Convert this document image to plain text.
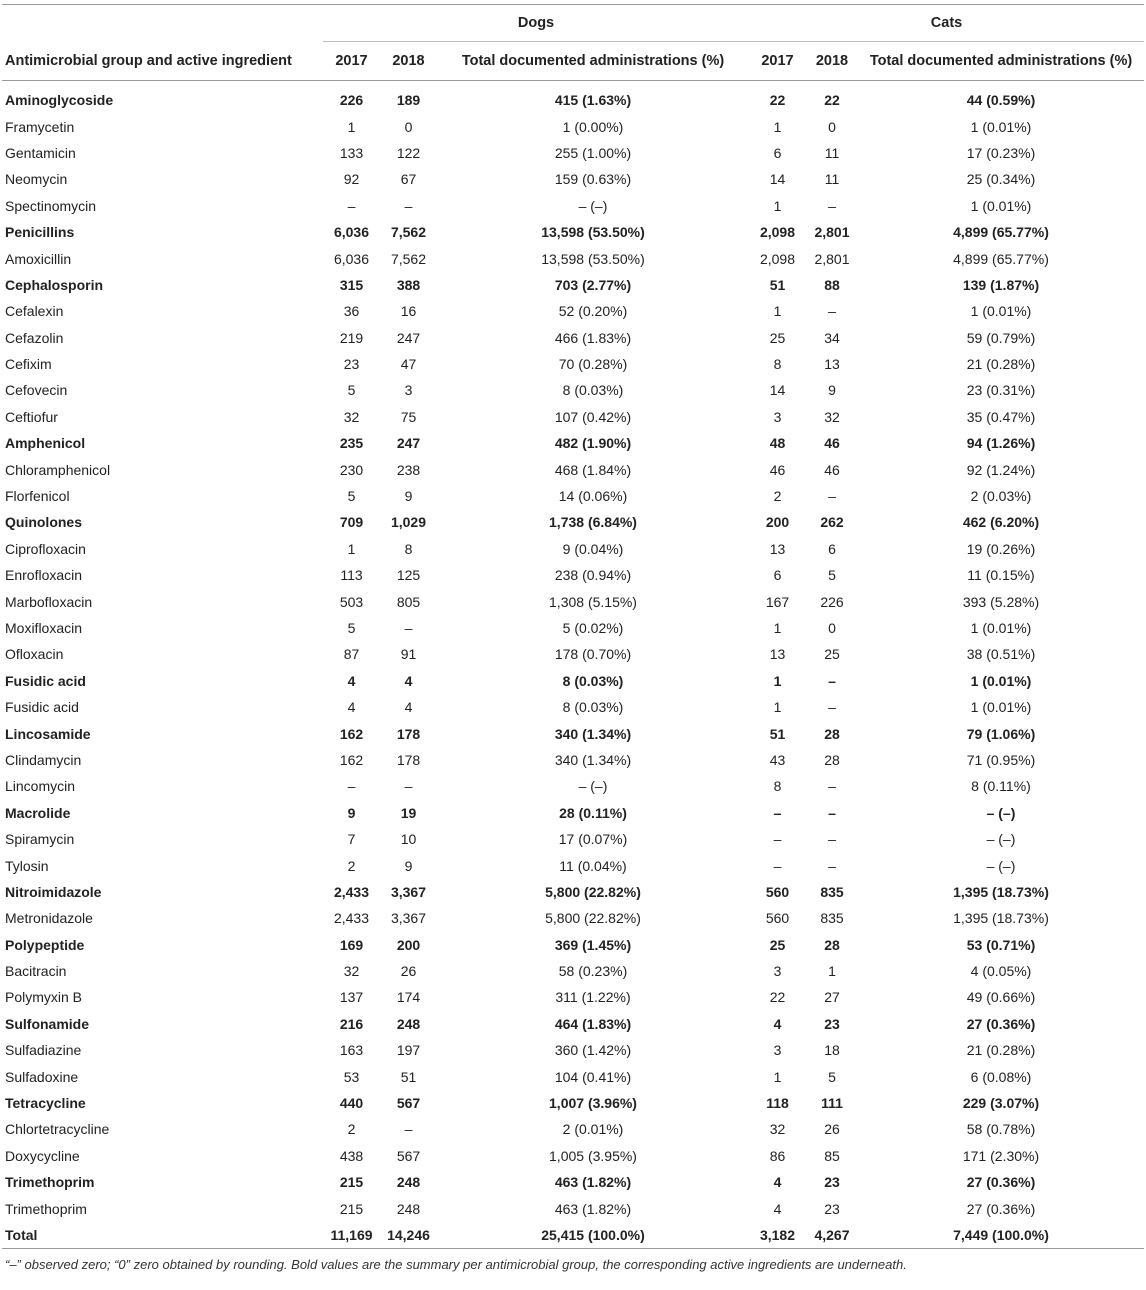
	Dogs			Cats		
Antimicrobial group and active ingredient	2017	2018	Total documented administrations (%)	2017	2018	Total documented administrations (%)
Aminoglycoside	226	189	415 (1.63%)	22	22	44 (0.59%)
Framycetin	1	0	1 (0.00%)	1	0	1 (0.01%)
Gentamicin	133	122	255 (1.00%)	6	11	17 (0.23%)
Neomycin	92	67	159 (0.63%)	14	11	25 (0.34%)
Spectinomycin	–	–	– (–)	1	–	1 (0.01%)
Penicillins	6,036	7,562	13,598 (53.50%)	2,098	2,801	4,899 (65.77%)
Amoxicillin	6,036	7,562	13,598 (53.50%)	2,098	2,801	4,899 (65.77%)
Cephalosporin	315	388	703 (2.77%)	51	88	139 (1.87%)
Cefalexin	36	16	52 (0.20%)	1	–	1 (0.01%)
Cefazolin	219	247	466 (1.83%)	25	34	59 (0.79%)
Cefixim	23	47	70 (0.28%)	8	13	21 (0.28%)
Cefovecin	5	3	8 (0.03%)	14	9	23 (0.31%)
Ceftiofur	32	75	107 (0.42%)	3	32	35 (0.47%)
Amphenicol	235	247	482 (1.90%)	48	46	94 (1.26%)
Chloramphenicol	230	238	468 (1.84%)	46	46	92 (1.24%)
Florfenicol	5	9	14 (0.06%)	2	–	2 (0.03%)
Quinolones	709	1,029	1,738 (6.84%)	200	262	462 (6.20%)
Ciprofloxacin	1	8	9 (0.04%)	13	6	19 (0.26%)
Enrofloxacin	113	125	238 (0.94%)	6	5	11 (0.15%)
Marbofloxacin	503	805	1,308 (5.15%)	167	226	393 (5.28%)
Moxifloxacin	5	–	5 (0.02%)	1	0	1 (0.01%)
Ofloxacin	87	91	178 (0.70%)	13	25	38 (0.51%)
Fusidic acid	4	4	8 (0.03%)	1	–	1 (0.01%)
Fusidic acid	4	4	8 (0.03%)	1	–	1 (0.01%)
Lincosamide	162	178	340 (1.34%)	51	28	79 (1.06%)
Clindamycin	162	178	340 (1.34%)	43	28	71 (0.95%)
Lincomycin	–	–	– (–)	8	–	8 (0.11%)
Macrolide	9	19	28 (0.11%)	–	–	– (–)
Spiramycin	7	10	17 (0.07%)	–	–	– (–)
Tylosin	2	9	11 (0.04%)	–	–	– (–)
Nitroimidazole	2,433	3,367	5,800 (22.82%)	560	835	1,395 (18.73%)
Metronidazole	2,433	3,367	5,800 (22.82%)	560	835	1,395 (18.73%)
Polypeptide	169	200	369 (1.45%)	25	28	53 (0.71%)
Bacitracin	32	26	58 (0.23%)	3	1	4 (0.05%)
Polymyxin B	137	174	311 (1.22%)	22	27	49 (0.66%)
Sulfonamide	216	248	464 (1.83%)	4	23	27 (0.36%)
Sulfadiazine	163	197	360 (1.42%)	3	18	21 (0.28%)
Sulfadoxine	53	51	104 (0.41%)	1	5	6 (0.08%)
Tetracycline	440	567	1,007 (3.96%)	118	111	229 (3.07%)
Chlortetracycline	2	–	2 (0.01%)	32	26	58 (0.78%)
Doxycycline	438	567	1,005 (3.95%)	86	85	171 (2.30%)
Trimethoprim	215	248	463 (1.82%)	4	23	27 (0.36%)
Trimethoprim	215	248	463 (1.82%)	4	23	27 (0.36%)
Total	11,169	14,246	25,415 (100.0%)	3,182	4,267	7,449 (100.0%)
“–” observed zero; “0” zero obtained by rounding. Bold values are the summary per antimicrobial group, the corresponding active ingredients are underneath.
